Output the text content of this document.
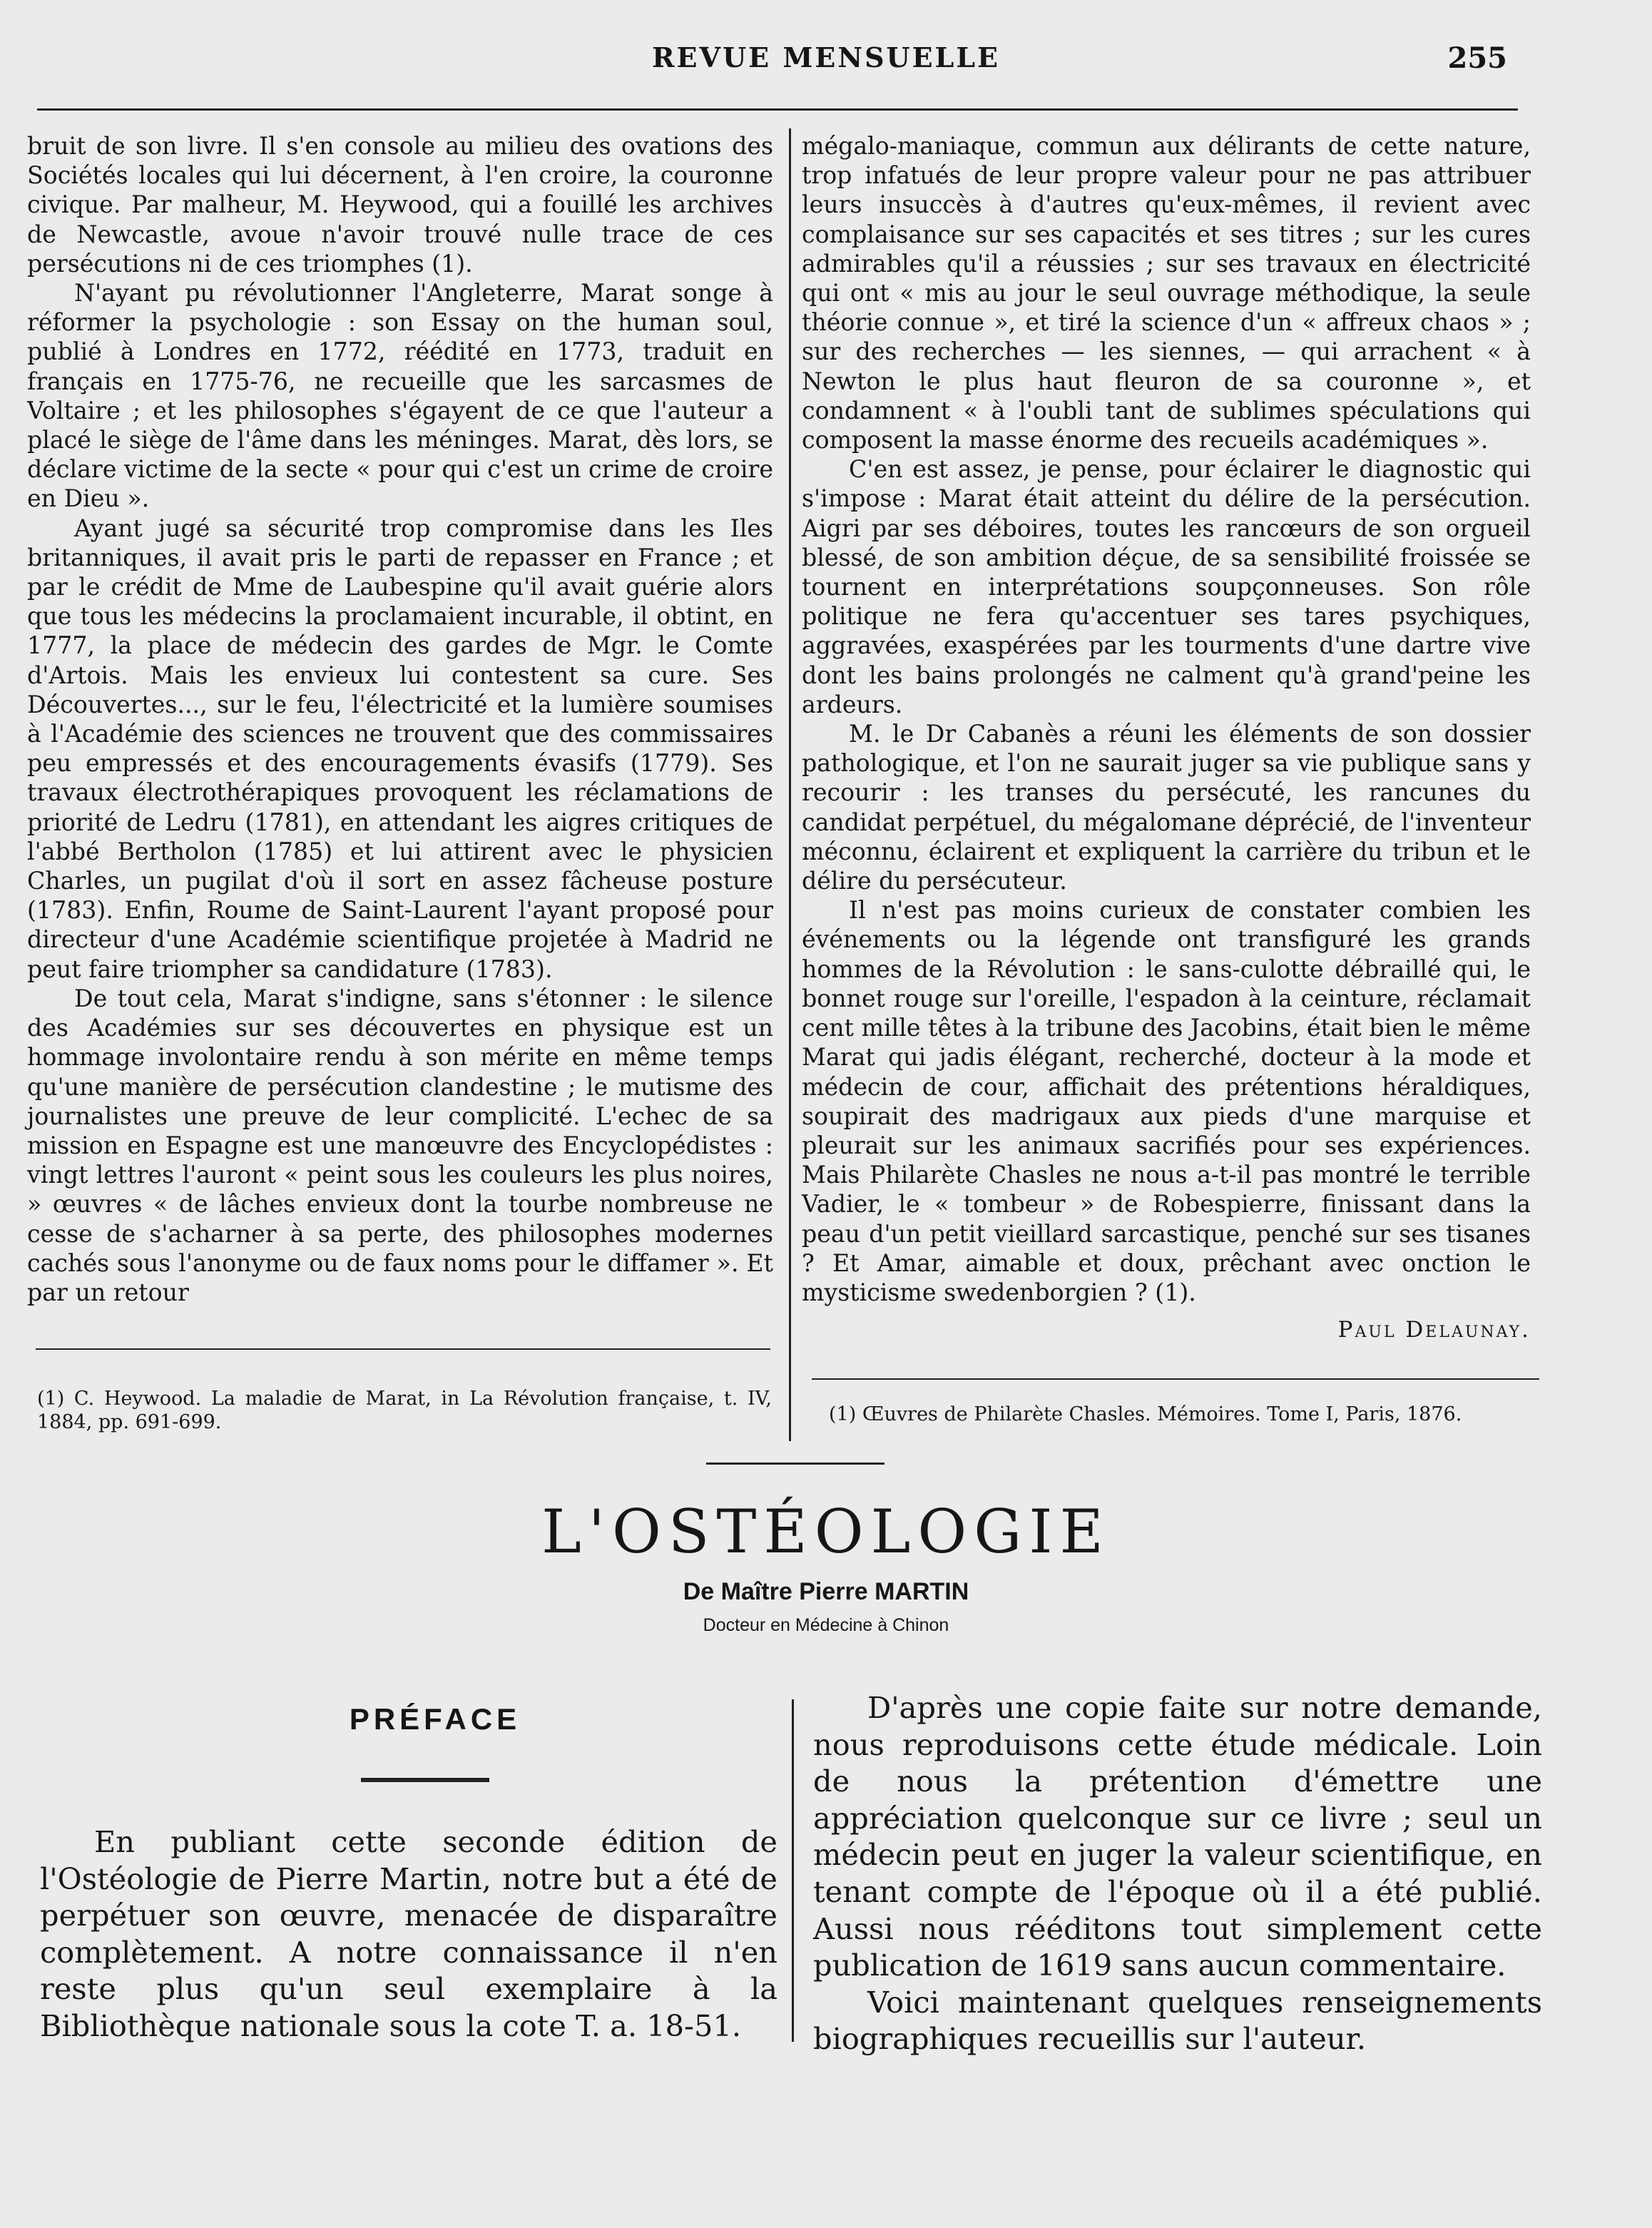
REVUE MENSUELLE	255

bruit de son livre. Il s'en console au milieu des ovations des Sociétés locales qui lui décernent, à l'en croire, la couronne civique. Par malheur, M. Heywood, qui a fouillé les archives de Newcastle, avoue n'avoir trouvé nulle trace de ces persécutions ni de ces triomphes (1).

N'ayant pu révolutionner l'Angleterre, Marat songe à réformer la psychologie : son Essay on the human soul, publié à Londres en 1772, réédité en 1773, traduit en français en 1775-76, ne recueille que les sarcasmes de Voltaire ; et les philosophes s'égayent de ce que l'auteur a placé le siège de l'âme dans les méninges. Marat, dès lors, se déclare victime de la secte « pour qui c'est un crime de croire en Dieu ».

Ayant jugé sa sécurité trop compromise dans les Iles britanniques, il avait pris le parti de repasser en France ; et par le crédit de Mme de Laubespine qu'il avait guérie alors que tous les médecins la proclamaient incurable, il obtint, en 1777, la place de médecin des gardes de Mgr. le Comte d'Artois. Mais les envieux lui contestent sa cure. Ses Découvertes..., sur le feu, l'électricité et la lumière soumises à l'Académie des sciences ne trouvent que des commissaires peu empressés et des encouragements évasifs (1779). Ses travaux électrothérapiques provoquent les réclamations de priorité de Ledru (1781), en attendant les aigres critiques de l'abbé Bertholon (1785) et lui attirent avec le physicien Charles, un pugilat d'où il sort en assez fâcheuse posture (1783). Enfin, Roume de Saint-Laurent l'ayant proposé pour directeur d'une Académie scientifique projetée à Madrid ne peut faire triompher sa candidature (1783).

De tout cela, Marat s'indigne, sans s'étonner : le silence des Académies sur ses découvertes en physique est un hommage involontaire rendu à son mérite en même temps qu'une manière de persécution clandestine ; le mutisme des journalistes une preuve de leur complicité. L'echec de sa mission en Espagne est une manœuvre des Encyclopédistes : vingt lettres l'auront « peint sous les couleurs les plus noires, » œuvres « de lâches envieux dont la tourbe nombreuse ne cesse de s'acharner à sa perte, des philosophes modernes cachés sous l'anonyme ou de faux noms pour le diffamer ». Et par un retour

(1) C. Heywood. La maladie de Marat, in La Révolution française, t. IV, 1884, pp. 691-699.

mégalo-maniaque, commun aux délirants de cette nature, trop infatués de leur propre valeur pour ne pas attribuer leurs insuccès à d'autres qu'eux-mêmes, il revient avec complaisance sur ses capacités et ses titres ; sur les cures admirables qu'il a réussies ; sur ses travaux en électricité qui ont « mis au jour le seul ouvrage méthodique, la seule théorie connue », et tiré la science d'un « affreux chaos » ; sur des recherches — les siennes, — qui arrachent « à Newton le plus haut fleuron de sa couronne », et condamnent « à l'oubli tant de sublimes spéculations qui composent la masse énorme des recueils académiques ».

C'en est assez, je pense, pour éclairer le diagnostic qui s'impose : Marat était atteint du délire de la persécution. Aigri par ses déboires, toutes les rancœurs de son orgueil blessé, de son ambition déçue, de sa sensibilité froissée se tournent en interprétations soupçonneuses. Son rôle politique ne fera qu'accentuer ses tares psychiques, aggravées, exaspérées par les tourments d'une dartre vive dont les bains prolongés ne calment qu'à grand'peine les ardeurs.

M. le Dr Cabanès a réuni les éléments de son dossier pathologique, et l'on ne saurait juger sa vie publique sans y recourir : les transes du persécuté, les rancunes du candidat perpétuel, du mégalomane déprécié, de l'inventeur méconnu, éclairent et expliquent la carrière du tribun et le délire du persécuteur.

Il n'est pas moins curieux de constater combien les événements ou la légende ont transfiguré les grands hommes de la Révolution : le sans-culotte débraillé qui, le bonnet rouge sur l'oreille, l'espadon à la ceinture, réclamait cent mille têtes à la tribune des Jacobins, était bien le même Marat qui jadis élégant, recherché, docteur à la mode et médecin de cour, affichait des prétentions héraldiques, soupirait des madrigaux aux pieds d'une marquise et pleurait sur les animaux sacrifiés pour ses expériences. Mais Philarète Chasles ne nous a-t-il pas montré le terrible Vadier, le « tombeur » de Robespierre, finissant dans la peau d'un petit vieillard sarcastique, penché sur ses tisanes ? Et Amar, aimable et doux, prêchant avec onction le mysticisme swedenborgien ? (1).

Paul Delaunay.
(1) Œuvres de Philarète Chasles. Mémoires. Tome I, Paris, 1876.
L'OSTÉOLOGIE
De Maître Pierre MARTIN
Docteur en Médecine à Chinon
PRÉFACE

En publiant cette seconde édition de l'Ostéologie de Pierre Martin, notre but a été de perpétuer son œuvre, menacée de disparaître complètement. A notre connaissance il n'en reste plus qu'un seul exemplaire à la Bibliothèque nationale sous la cote T. a. 18-51.

D'après une copie faite sur notre demande, nous reproduisons cette étude médicale. Loin de nous la prétention d'émettre une appréciation quelconque sur ce livre ; seul un médecin peut en juger la valeur scientifique, en tenant compte de l'époque où il a été publié. Aussi nous rééditons tout simplement cette publication de 1619 sans aucun commentaire.

Voici maintenant quelques renseignements biographiques recueillis sur l'auteur.
